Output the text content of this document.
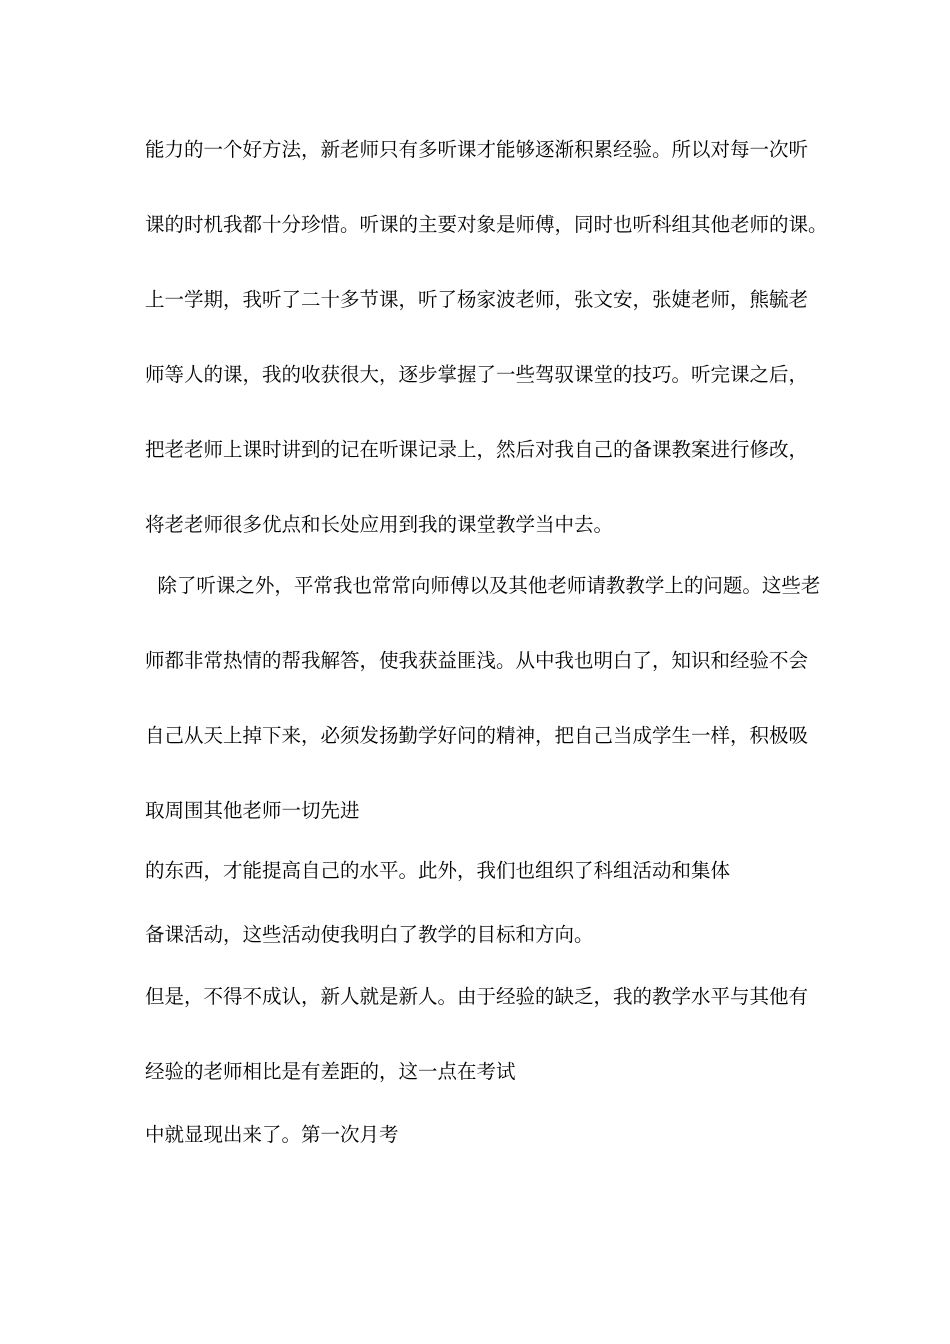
能力的一个好方法，新老师只有多听课才能够逐渐积累经验。所以对每一次听
课的时机我都十分珍惜。听课的主要对象是师傅，同时也听科组其他老师的课。
上一学期，我听了二十多节课，听了杨家波老师，张文安，张婕老师，熊毓老
师等人的课，我的收获很大，逐步掌握了一些驾驭课堂的技巧。听完课之后，
把老老师上课时讲到的记在听课记录上，然后对我自己的备课教案进行修改，
将老老师很多优点和长处应用到我的课堂教学当中去。
除了听课之外，平常我也常常向师傅以及其他老师请教教学上的问题。这些老
师都非常热情的帮我解答，使我获益匪浅。从中我也明白了，知识和经验不会
自己从天上掉下来，必须发扬勤学好问的精神，把自己当成学生一样，积极吸
取周围其他老师一切先进
的东西，才能提高自己的水平。此外，我们也组织了科组活动和集体
备课活动，这些活动使我明白了教学的目标和方向。
但是，不得不成认，新人就是新人。由于经验的缺乏，我的教学水平与其他有
经验的老师相比是有差距的，这一点在考试
中就显现出来了。第一次月考
